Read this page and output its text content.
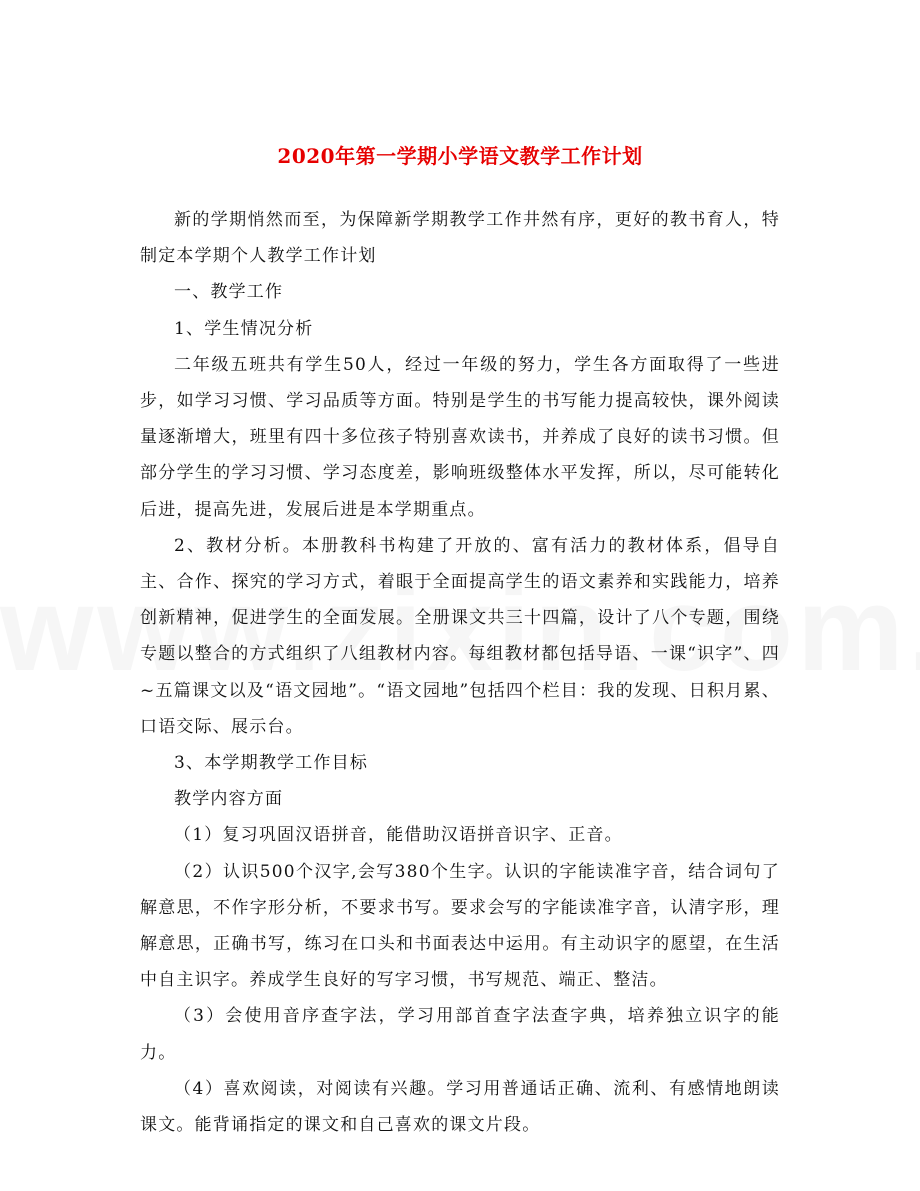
2020年第一学期小学语文教学工作计划

新的学期悄然而至，为保障新学期教学工作井然有序，更好的教书育人，特制定本学期个人教学工作计划

一、教学工作

1、学生情况分析

二年级五班共有学生50人，经过一年级的努力，学生各方面取得了一些进步，如学习习惯、学习品质等方面。特别是学生的书写能力提高较快，课外阅读量逐渐增大，班里有四十多位孩子特别喜欢读书，并养成了良好的读书习惯。但部分学生的学习习惯、学习态度差，影响班级整体水平发挥，所以，尽可能转化后进，提高先进，发展后进是本学期重点。

2、教材分析。本册教科书构建了开放的、富有活力的教材体系，倡导自主、合作、探究的学习方式，着眼于全面提高学生的语文素养和实践能力，培养创新精神，促进学生的全面发展。全册课文共三十四篇，设计了八个专题，围绕专题以整合的方式组织了八组教材内容。每组教材都包括导语、一课“识字”、四~五篇课文以及“语文园地”。“语文园地”包括四个栏目：我的发现、日积月累、口语交际、展示台。

3、本学期教学工作目标

教学内容方面

（1）复习巩固汉语拼音，能借助汉语拼音识字、正音。

（2）认识500个汉字,会写380个生字。认识的字能读准字音，结合词句了解意思，不作字形分析，不要求书写。要求会写的字能读准字音，认清字形，理解意思，正确书写，练习在口头和书面表达中运用。有主动识字的愿望，在生活中自主识字。养成学生良好的写字习惯，书写规范、端正、整洁。

（3）会使用音序查字法，学习用部首查字法查字典，培养独立识字的能力。

（4）喜欢阅读，对阅读有兴趣。学习用普通话正确、流利、有感情地朗读课文。能背诵指定的课文和自己喜欢的课文片段。
